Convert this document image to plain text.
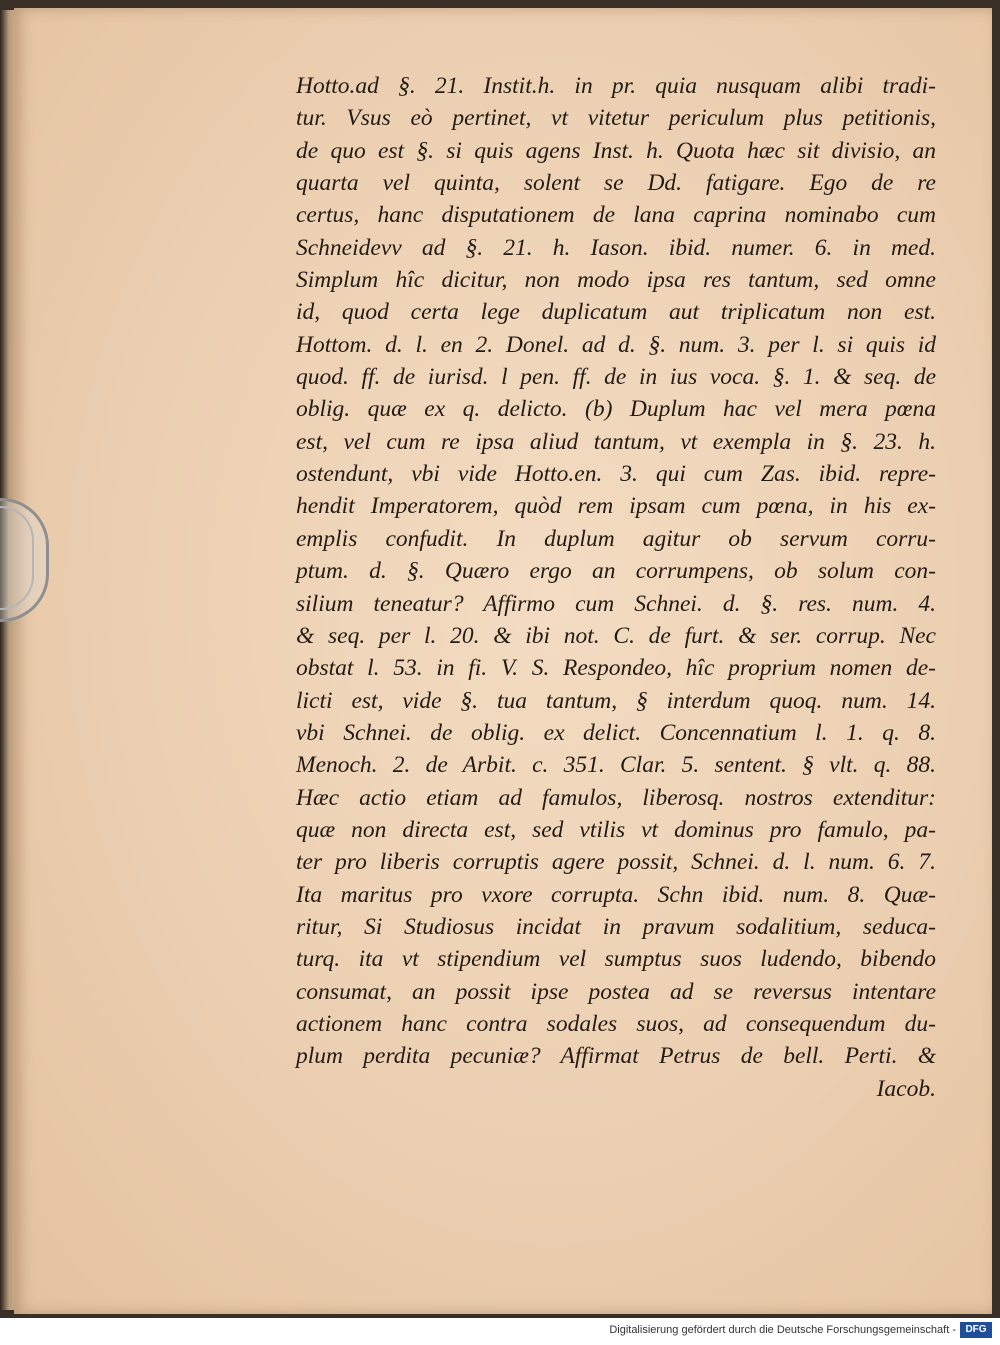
Hotto.ad §. 21. Instit.h. in pr. quia nusquam alibi tradi-
tur. Vsus eò pertinet, vt vitetur periculum plus petitionis,
de quo est §. si quis agens Inst. h. Quota hæc sit divisio, an
quarta vel quinta, solent se Dd. fatigare. Ego de re
certus, hanc disputationem de lana caprina nominabo cum
Schneidevv ad §. 21. h. Iason. ibid. numer. 6. in med.
Simplum hîc dicitur, non modo ipsa res tantum, sed omne
id, quod certa lege duplicatum aut triplicatum non est.
Hottom. d. l. en 2. Donel. ad d. §. num. 3. per l. si quis id
quod. ff. de iurisd. l pen. ff. de in ius voca. §. 1. & seq. de
oblig. quæ ex q. delicto. (b) Duplum hac vel mera pœna
est, vel cum re ipsa aliud tantum, vt exempla in §. 23. h.
ostendunt, vbi vide Hotto.en. 3. qui cum Zas. ibid. repre-
hendit Imperatorem, quòd rem ipsam cum pœna, in his ex-
emplis confudit. In duplum agitur ob servum corru-
ptum. d. §. Quæro ergo an corrumpens, ob solum con-
silium teneatur? Affirmo cum Schnei. d. §. res. num. 4.
& seq. per l. 20. & ibi not. C. de furt. & ser. corrup. Nec
obstat l. 53. in fi. V. S. Respondeo, hîc proprium nomen de-
licti est, vide §. tua tantum, § interdum quoq. num. 14.
vbi Schnei. de oblig. ex delict. Concennatium l. 1. q. 8.
Menoch. 2. de Arbit. c. 351. Clar. 5. sentent. § vlt. q. 88.
Hæc actio etiam ad famulos, liberosq. nostros extenditur:
quæ non directa est, sed vtilis vt dominus pro famulo, pa-
ter pro liberis corruptis agere possit, Schnei. d. l. num. 6. 7.
Ita maritus pro vxore corrupta. Schn ibid. num. 8. Quæ-
ritur, Si Studiosus incidat in pravum sodalitium, seduca-
turq. ita vt stipendium vel sumptus suos ludendo, bibendo
consumat, an possit ipse postea ad se reversus intentare
actionem hanc contra sodales suos, ad consequendum du-
plum perdita pecuniæ? Affirmat Petrus de bell. Perti. &
Iacob.
Digitalisierung gefördert durch die Deutsche Forschungsgemeinschaft - DFG
